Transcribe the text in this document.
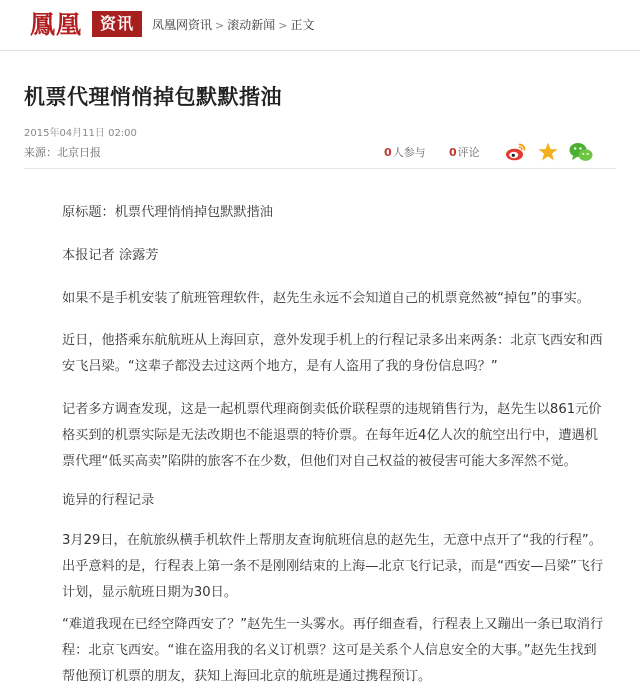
鳳凰	资讯	凤凰网资讯 > 滚动新闻 > 正文
机票代理悄悄掉包默默揩油
2015年04月11日 02:00
来源：北京日报	0人参与 0评论

原标题：机票代理悄悄掉包默默揩油

本报记者 涂露芳

如果不是手机安装了航班管理软件，赵先生永远不会知道自己的机票竟然被“掉包”的事实。

近日，他搭乘东航航班从上海回京，意外发现手机上的行程记录多出来两条：北京飞西安和西安飞吕梁。“这辈子都没去过这两个地方，是有人盗用了我的身份信息吗？”

记者多方调查发现，这是一起机票代理商倒卖低价联程票的违规销售行为，赵先生以861元价格买到的机票实际是无法改期也不能退票的特价票。在每年近4亿人次的航空出行中，遭遇机票代理“低买高卖”陷阱的旅客不在少数，但他们对自己权益的被侵害可能大多浑然不觉。

诡异的行程记录

3月29日，在航旅纵横手机软件上帮朋友查询航班信息的赵先生，无意中点开了“我的行程”。出乎意料的是，行程表上第一条不是刚刚结束的上海—北京飞行记录，而是“西安—吕梁”飞行计划，显示航班日期为30日。

“难道我现在已经空降西安了？”赵先生一头雾水。再仔细查看，行程表上又蹦出一条已取消行程：北京飞西安。“谁在盗用我的名义订机票？这可是关系个人信息安全的大事。”赵先生找到帮他预订机票的朋友，获知上海回北京的航班是通过携程预订。
